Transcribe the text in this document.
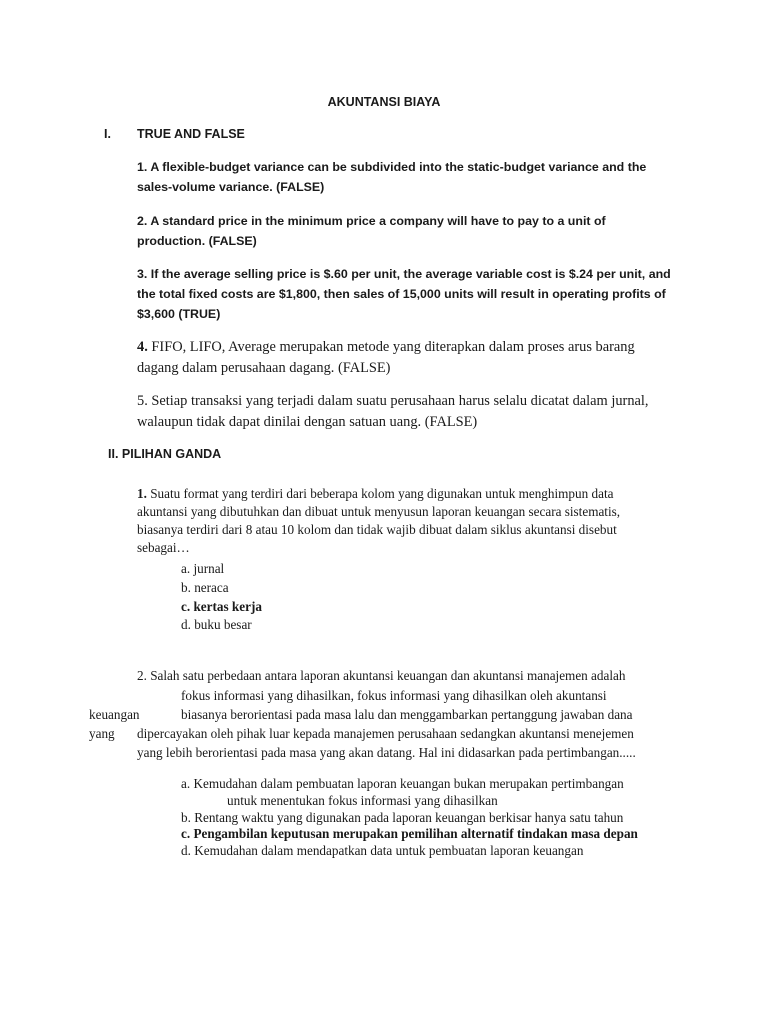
AKUNTANSI BIAYA
I. TRUE AND FALSE
1. A flexible-budget variance can be subdivided into the static-budget variance and the sales-volume variance. (FALSE)
2. A standard price in the minimum price a company will have to pay to a unit of production. (FALSE)
3. If the average selling price is $.60 per unit, the average variable cost is $.24 per unit, and the total fixed costs are $1,800, then sales of 15,000 units will result in operating profits of $3,600 (TRUE)
4. FIFO, LIFO, Average merupakan metode yang diterapkan dalam proses arus barang dagang dalam perusahaan dagang. (FALSE)
5. Setiap transaksi yang terjadi dalam suatu perusahaan harus selalu dicatat dalam jurnal, walaupun tidak dapat dinilai dengan satuan uang. (FALSE)
II. PILIHAN GANDA
1. Suatu format yang terdiri dari beberapa kolom yang digunakan untuk menghimpun data akuntansi yang dibutuhkan dan dibuat untuk menyusun laporan keuangan secara sistematis, biasanya terdiri dari 8 atau 10 kolom dan tidak wajib dibuat dalam siklus akuntansi disebut sebagai…
a. jurnal
b. neraca
c. kertas kerja
d. buku besar
2. Salah satu perbedaan antara laporan akuntansi keuangan dan akuntansi manajemen adalah
fokus informasi yang dihasilkan, fokus informasi yang dihasilkan oleh akuntansi
keuangan	biasanya berorientasi pada masa lalu dan menggambarkan pertanggung jawaban dana
yang dipercayakan oleh pihak luar kepada manajemen perusahaan sedangkan akuntansi menejemen
yang lebih berorientasi pada masa yang akan datang. Hal ini didasarkan pada pertimbangan.....
a. Kemudahan dalam pembuatan laporan keuangan bukan merupakan pertimbangan
untuk menentukan fokus informasi yang dihasilkan
b. Rentang waktu yang digunakan pada laporan keuangan berkisar hanya satu tahun
c. Pengambilan keputusan merupakan pemilihan alternatif tindakan masa depan
d. Kemudahan dalam mendapatkan data untuk pembuatan laporan keuangan
